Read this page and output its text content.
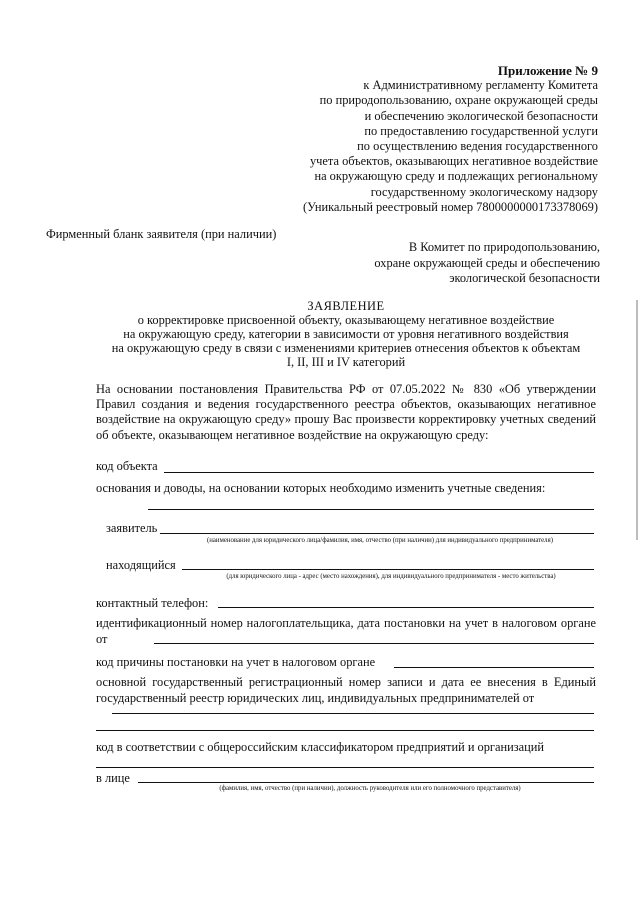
Приложение № 9
к Административному регламенту Комитета
по природопользованию, охране окружающей среды
и обеспечению экологической безопасности
по предоставлению государственной услуги
по осуществлению ведения государственного
учета объектов, оказывающих негативное воздействие
на окружающую среду и подлежащих региональному
государственному экологическому надзору
(Уникальный реестровый номер 7800000000173378069)
Фирменный бланк заявителя (при наличии)
В Комитет по природопользованию,
охране окружающей среды и обеспечению
экологической безопасности
ЗАЯВЛЕНИЕ
о корректировке присвоенной объекту, оказывающему негативное воздействие
на окружающую среду, категории в зависимости от уровня негативного воздействия
на окружающую среду в связи с изменениями критериев отнесения объектов к объектам
I, II, III и IV категорий
На основании постановления Правительства РФ от 07.05.2022 № 830 «Об утверждении Правил создания и ведения государственного реестра объектов, оказывающих негативное воздействие на окружающую среду» прошу Вас произвести корректировку учетных сведений об объекте, оказывающем негативное воздействие на окружающую среду:
код объекта
основания и доводы, на основании которых необходимо изменить учетные сведения:
заявитель
(наименование для юридического лица/фамилия, имя, отчество (при наличии) для индивидуального предпринимателя)
находящийся
(для юридического лица - адрес (место нахождения), для индивидуального предпринимателя - место жительства)
контактный телефон:
идентификационный номер налогоплательщика, дата постановки на учет в налоговом органе от
код причины постановки на учет в налоговом органе
основной государственный регистрационный номер записи и дата ее внесения в Единый государственный реестр юридических лиц, индивидуальных предпринимателей от
код в соответствии с общероссийским классификатором предприятий и организаций
в лице
(фамилия, имя, отчество (при наличии), должность руководителя или его полномочного представителя)
